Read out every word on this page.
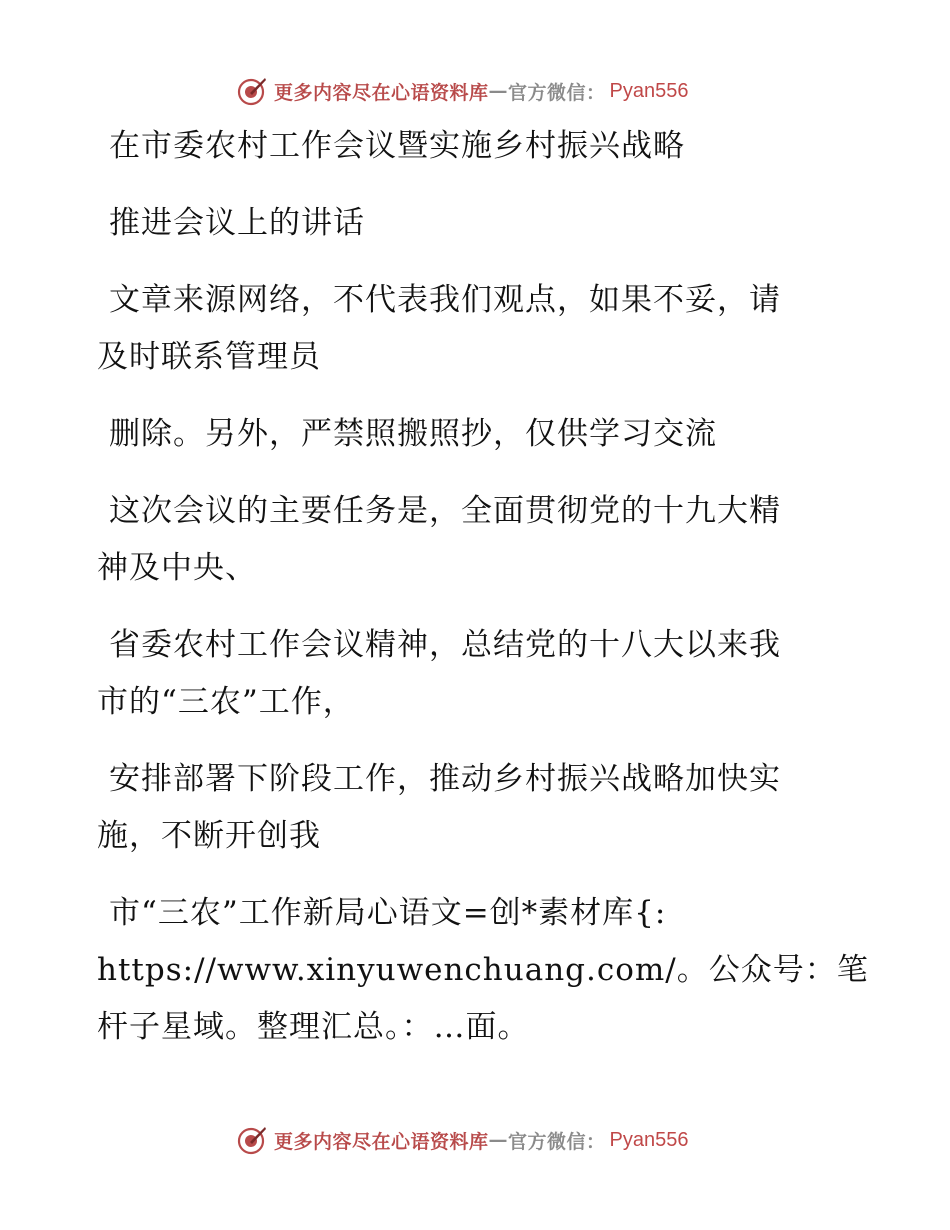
更多内容尽在心语资料库 — 官方微信： Pyan556
在市委农村工作会议暨实施乡村振兴战略
推进会议上的讲话
文章来源网络，不代表我们观点，如果不妥，请
及时联系管理员
删除。另外，严禁照搬照抄，仅供学习交流
这次会议的主要任务是，全面贯彻党的十九大精
神及中央、
省委农村工作会议精神，总结党的十八大以来我
市的“三农”工作，
安排部署下阶段工作，推动乡村振兴战略加快实
施，不断开创我
市“三农”工作新局心语文=创*素材库{:
https://www.xinyuwenchuang.com/。公众号：笔
杆子星域。整理汇总。：…面。
更多内容尽在心语资料库 — 官方微信： Pyan556
